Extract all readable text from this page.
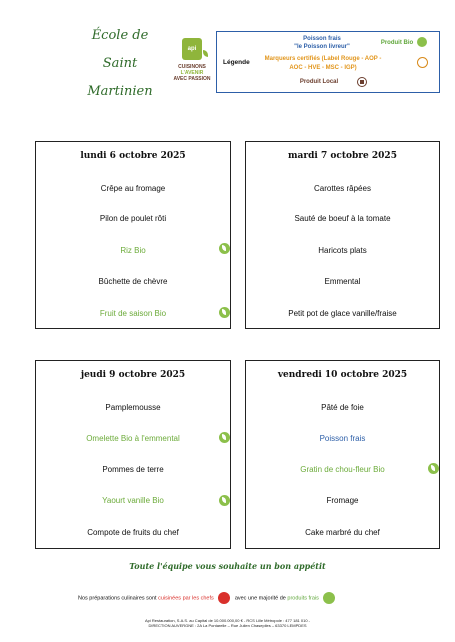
École de
Saint
Martinien
api
CUISINONS
L'AVENIR
AVEC PASSION
Légende
Poisson frais
"le Poisson livreur"
Marqueurs certifiés (Label Rouge - AOP -
AOC - HVE - MSC - IGP)
Produit Local
Produit Bio
lundi 6 octobre 2025
Crêpe au fromage
Pilon de poulet rôti
Riz Bio
Bûchette de chèvre
Fruit de saison Bio
mardi 7 octobre 2025
Carottes râpées
Sauté de boeuf à la tomate
Haricots plats
Emmental
Petit pot de glace vanille/fraise
jeudi 9 octobre 2025
Pamplemousse
Omelette Bio à l'emmental
Pommes de terre
Yaourt vanille Bio
Compote de fruits du chef
vendredi 10 octobre 2025
Pâté de foie
Poisson frais
Gratin de chou-fleur Bio
Fromage
Cake marbré du chef
Toute l'équipe vous souhaite un bon appétit
Nos préparations culinaires sont cuisinées par les chefs	avec une majorité de produits frais
Api Restauration, S.A.S. au Capital de 10.000.000,00 € - RCS Lille Métropole : 477 181 010 -
DIRECTION AUVERGNE : 2A La Pontarelle – Rue Julien Chasepiles – 63370 LEMPDES
